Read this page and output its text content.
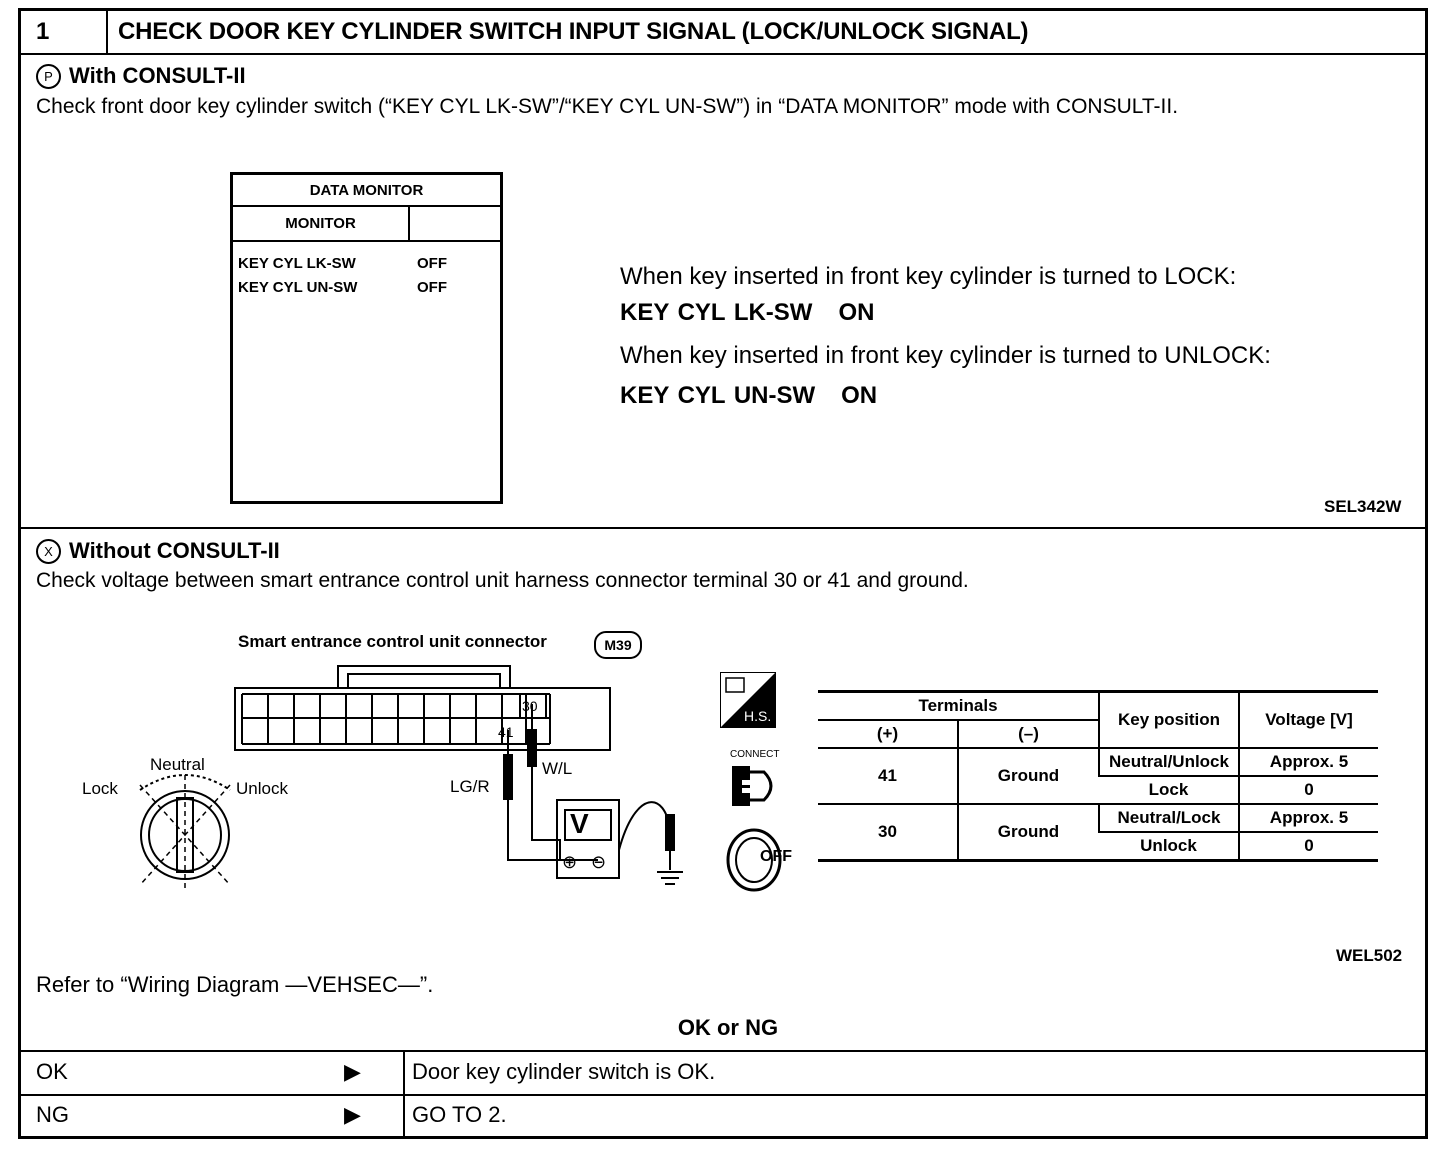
1	CHECK DOOR KEY CYLINDER SWITCH INPUT SIGNAL (LOCK/UNLOCK SIGNAL)
P With CONSULT-II
Check front door key cylinder switch (“KEY CYL LK-SW”/“KEY CYL UN-SW”) in “DATA MONITOR” mode with CONSULT-II.
DATA MONITOR
MONITOR
KEY CYL LK-SW	OFF
KEY CYL UN-SW	OFF	When key inserted in front key cylinder is turned to LOCK:
KEY CYL LK-SW   ON
When key inserted in front key cylinder is turned to UNLOCK:
KEY CYL UN-SW   ON
SEL342W
X Without CONSULT-II
Check voltage between smart entrance control unit harness connector terminal 30 or 41 and ground.
Smart entrance control unit connector	M39
30
41
LG/R
W/L
Lock
Neutral
Unlock
V
⊕ ⊖
H.S.
CONNECT
OFF
Terminals		Key position	Voltage [V]
(+)	(–)		
41	Ground	Neutral/Unlock	Approx. 5
		Lock	0
30	Ground	Neutral/Lock	Approx. 5
		Unlock	0
WEL502
Refer to “Wiring Diagram —VEHSEC—”.
OK or NG
OK	▶ Door key cylinder switch is OK.
NG	▶ GO TO 2.
